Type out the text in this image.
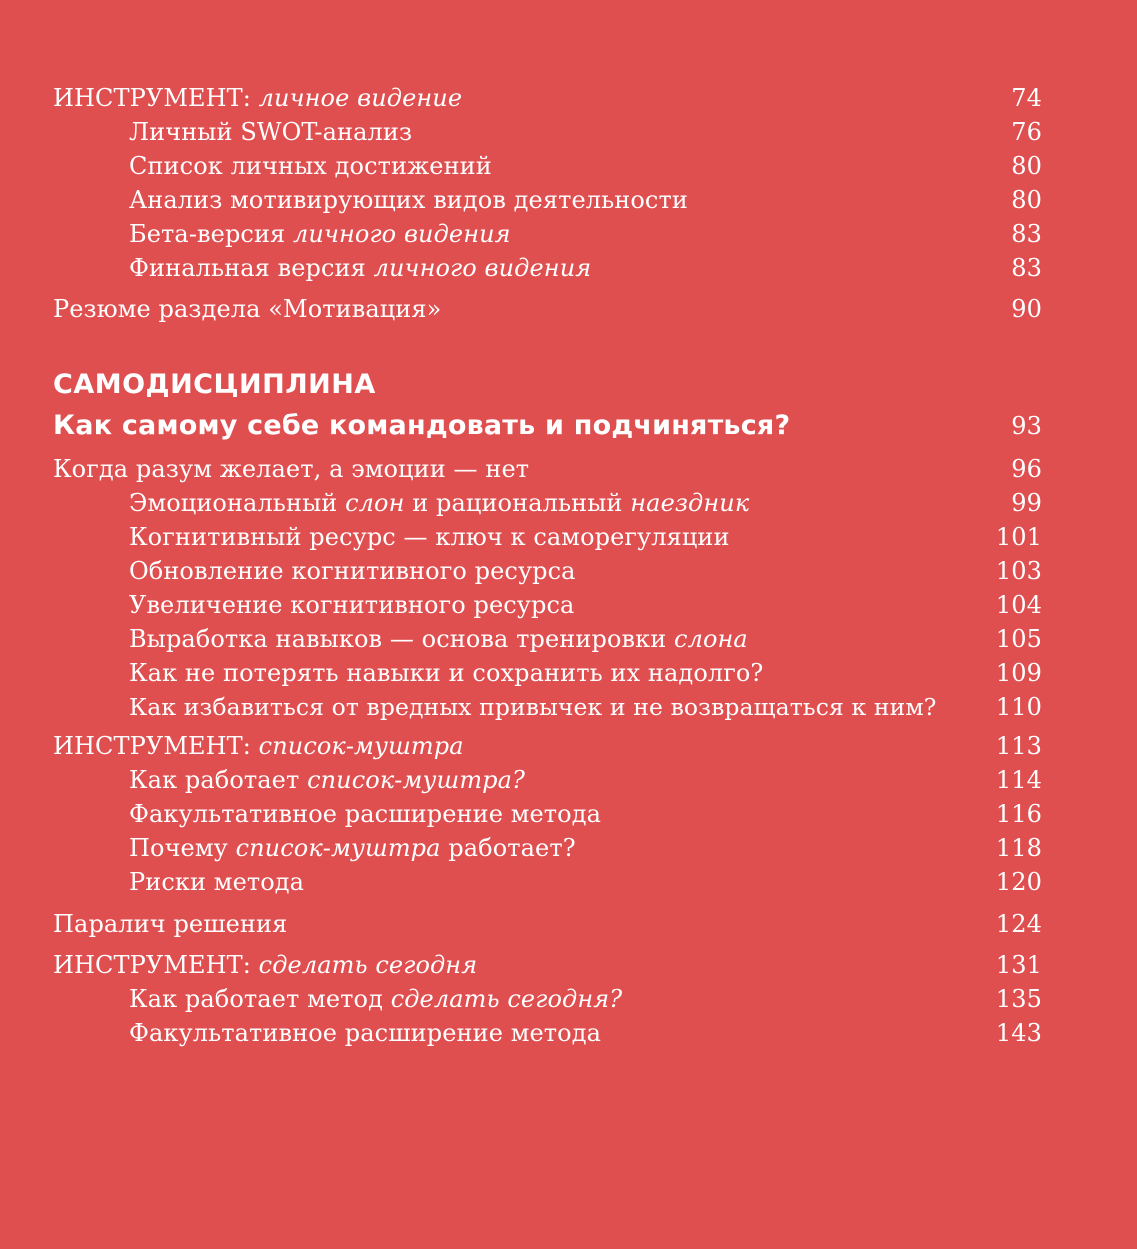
ИНСТРУМЕНТ: личное видение	74
Личный SWOT-анализ	76
Список личных достижений	80
Анализ мотивирующих видов деятельности	80
Бета-версия личного видения	83
Финальная версия личного видения	83
Резюме раздела «Мотивация»	90
САМОДИСЦИПЛИНА
Как самому себе командовать и подчиняться?	93
Когда разум желает, а эмоции — нет	96
Эмоциональный слон и рациональный наездник	99
Когнитивный ресурс — ключ к саморегуляции	101
Обновление когнитивного ресурса	103
Увеличение когнитивного ресурса	104
Выработка навыков — основа тренировки слона	105
Как не потерять навыки и сохранить их надолго?	109
Как избавиться от вредных привычек и не возвращаться к ним? 110
ИНСТРУМЕНТ: список-муштра	113
Как работает список-муштра?	114
Факультативное расширение метода	116
Почему список-муштра работает?	118
Риски метода	120
Паралич решения	124
ИНСТРУМЕНТ: сделать сегодня	131
Как работает метод сделать сегодня?	135
Факультативное расширение метода	143
